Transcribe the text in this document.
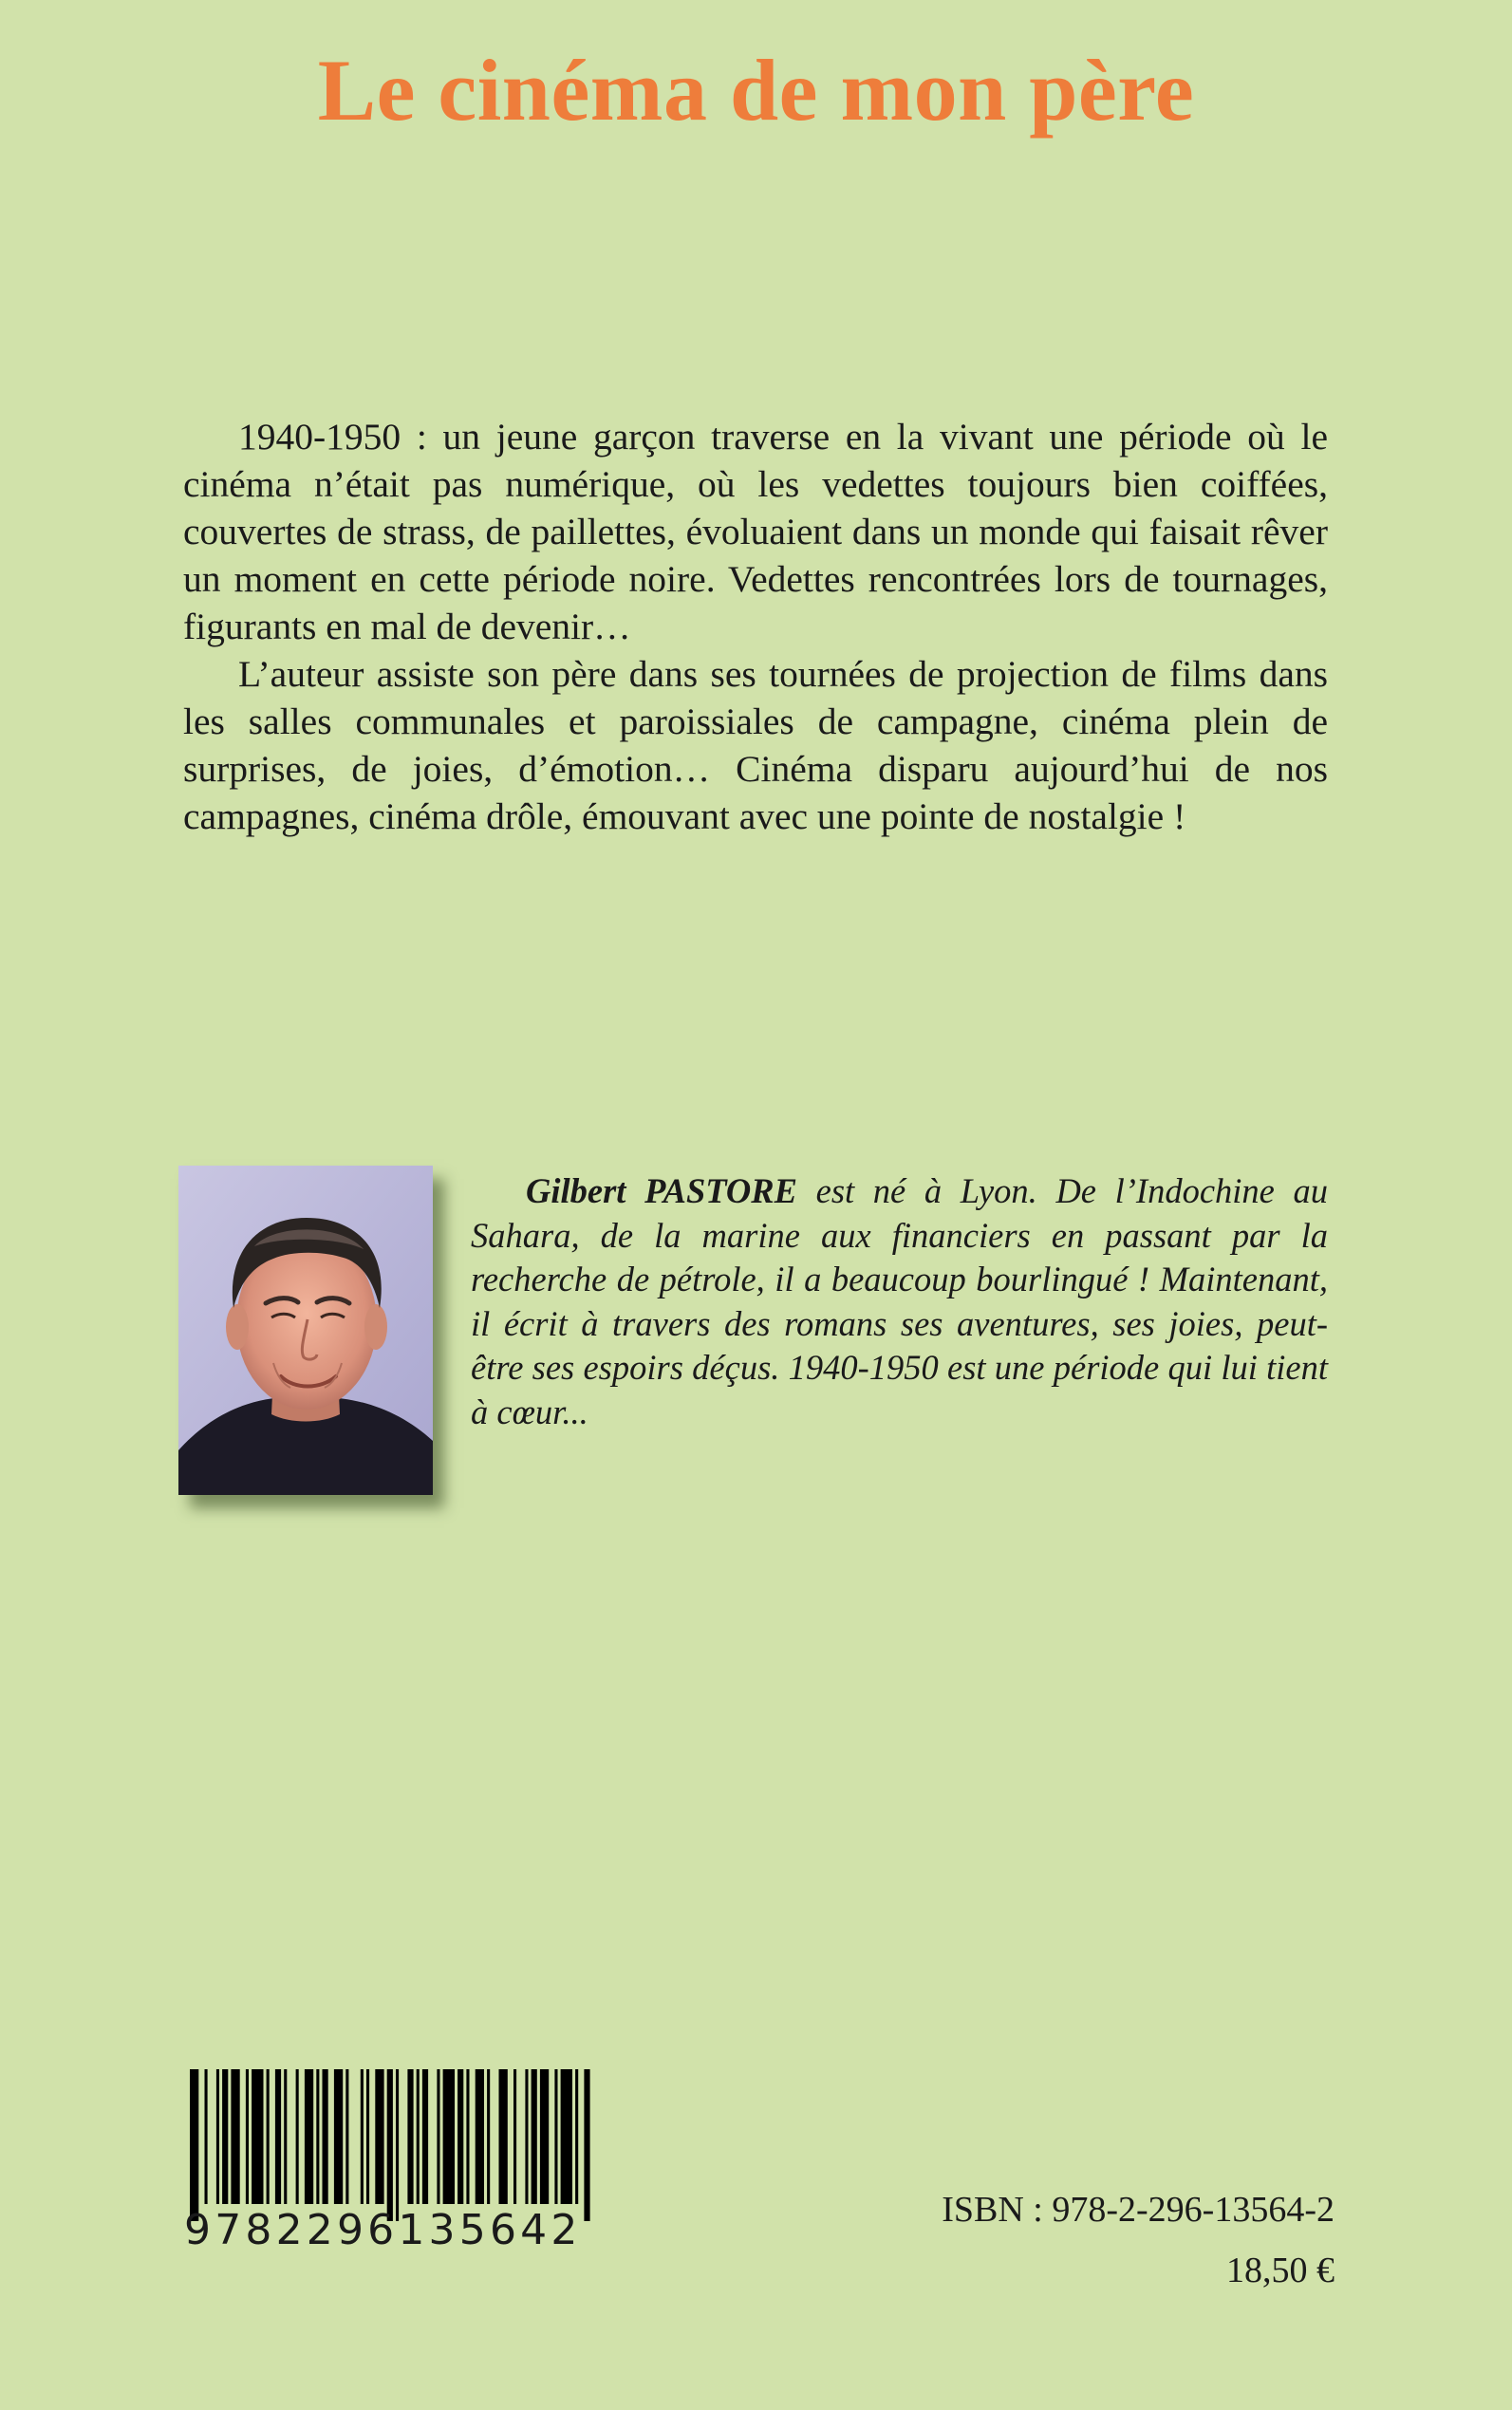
Le cinéma de mon père

1940-1950 : un jeune garçon traverse en la vivant une période où le cinéma n’était pas numérique, où les vedettes toujours bien coiffées, couvertes de strass, de paillettes, évoluaient dans un monde qui faisait rêver un moment en cette période noire. Vedettes rencontrées lors de tournages, figurants en mal de devenir…

L’auteur assiste son père dans ses tournées de projection de films dans les salles communales et paroissiales de campagne, cinéma plein de surprises, de joies, d’émotion… Cinéma disparu aujourd’hui de nos campagnes, cinéma drôle, émouvant avec une pointe de nostalgie !

Gilbert PASTORE est né à Lyon. De l’Indochine au Sahara, de la marine aux financiers en passant par la recherche de pétrole, il a beaucoup bourlingué ! Maintenant, il écrit à travers des romans ses aventures, ses joies, peut-être ses espoirs déçus. 1940-1950 est une période qui lui tient à cœur...

9782296135642	ISBN : 978-2-296-13564-2
18,50 €
